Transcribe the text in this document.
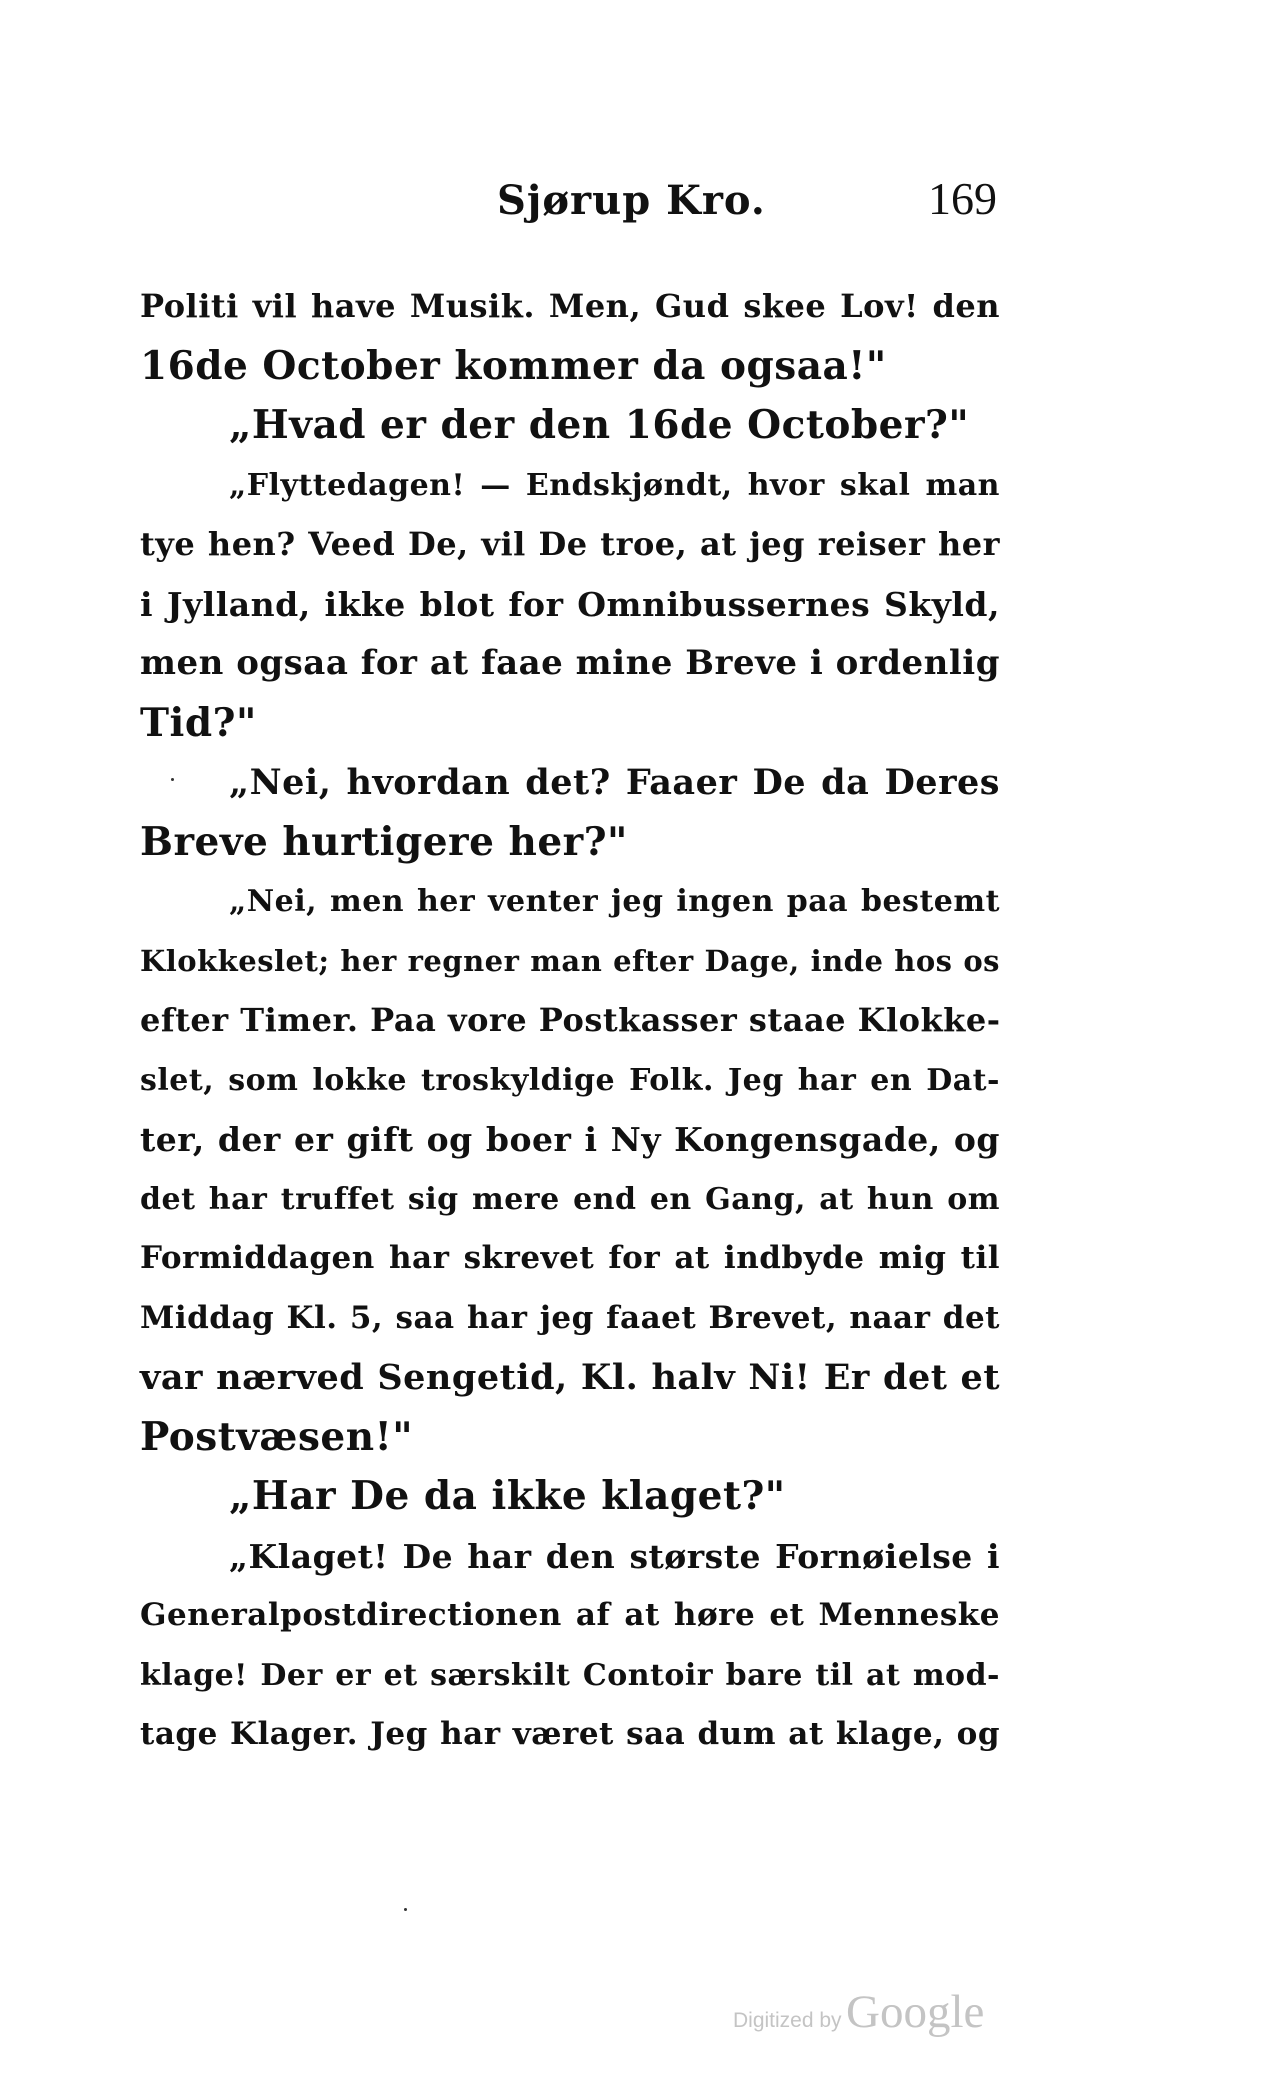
Sjørup Kro.	169
Politi vil have Musik. Men, Gud skee Lov! den
16de October kommer da ogsaa!"
„Hvad er der den 16de October?"
„Flyttedagen! — Endskjøndt, hvor skal man
tye hen? Veed De, vil De troe, at jeg reiser her
i Jylland, ikke blot for Omnibussernes Skyld,
men ogsaa for at faae mine Breve i ordenlig
Tid?"
„Nei, hvordan det? Faaer De da Deres
Breve hurtigere her?"
„Nei, men her venter jeg ingen paa bestemt
Klokkeslet; her regner man efter Dage, inde hos os
efter Timer. Paa vore Postkasser staae Klokke-
slet, som lokke troskyldige Folk. Jeg har en Dat-
ter, der er gift og boer i Ny Kongensgade, og
det har truffet sig mere end en Gang, at hun om
Formiddagen har skrevet for at indbyde mig til
Middag Kl. 5, saa har jeg faaet Brevet, naar det
var nærved Sengetid, Kl. halv Ni! Er det et
Postvæsen!"
„Har De da ikke klaget?"
„Klaget! De har den største Fornøielse i
Generalpostdirectionen af at høre et Menneske
klage! Der er et særskilt Contoir bare til at mod-
tage Klager. Jeg har været saa dum at klage, og
Digitized by Google
